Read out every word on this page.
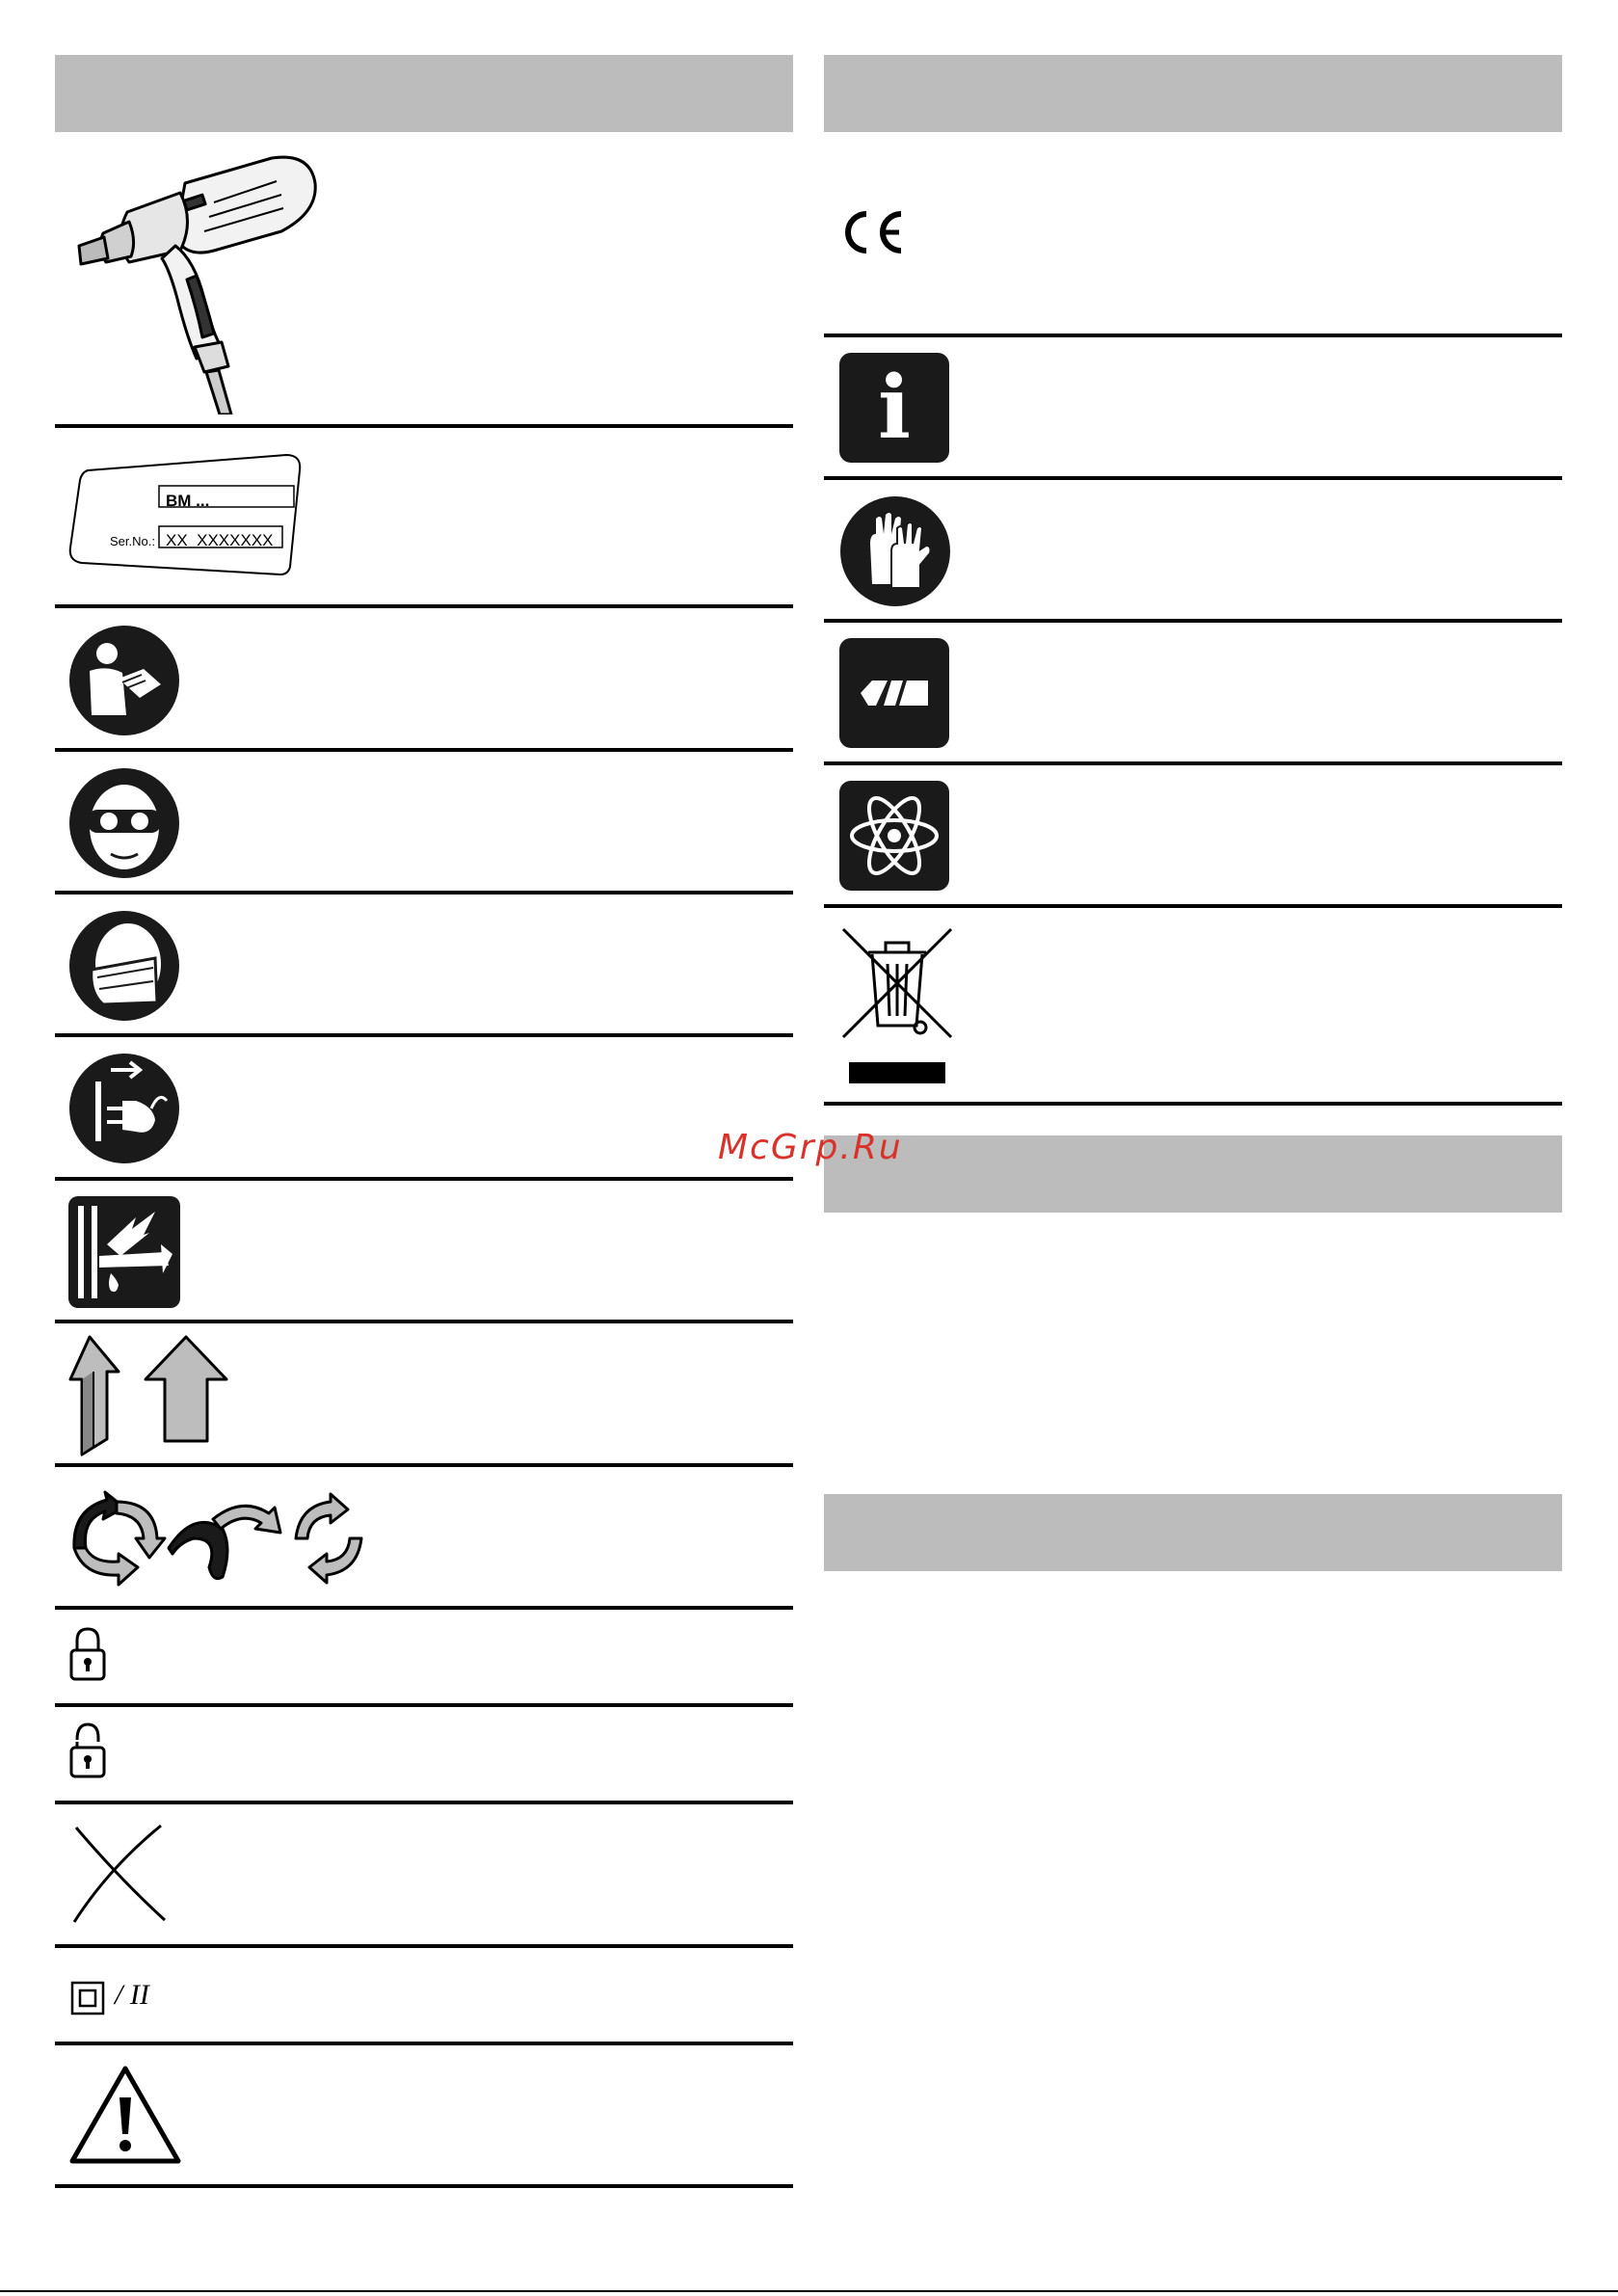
BM ...
Ser.No.: XX  XXXXXXX
/ II
i
McGrp.Ru
